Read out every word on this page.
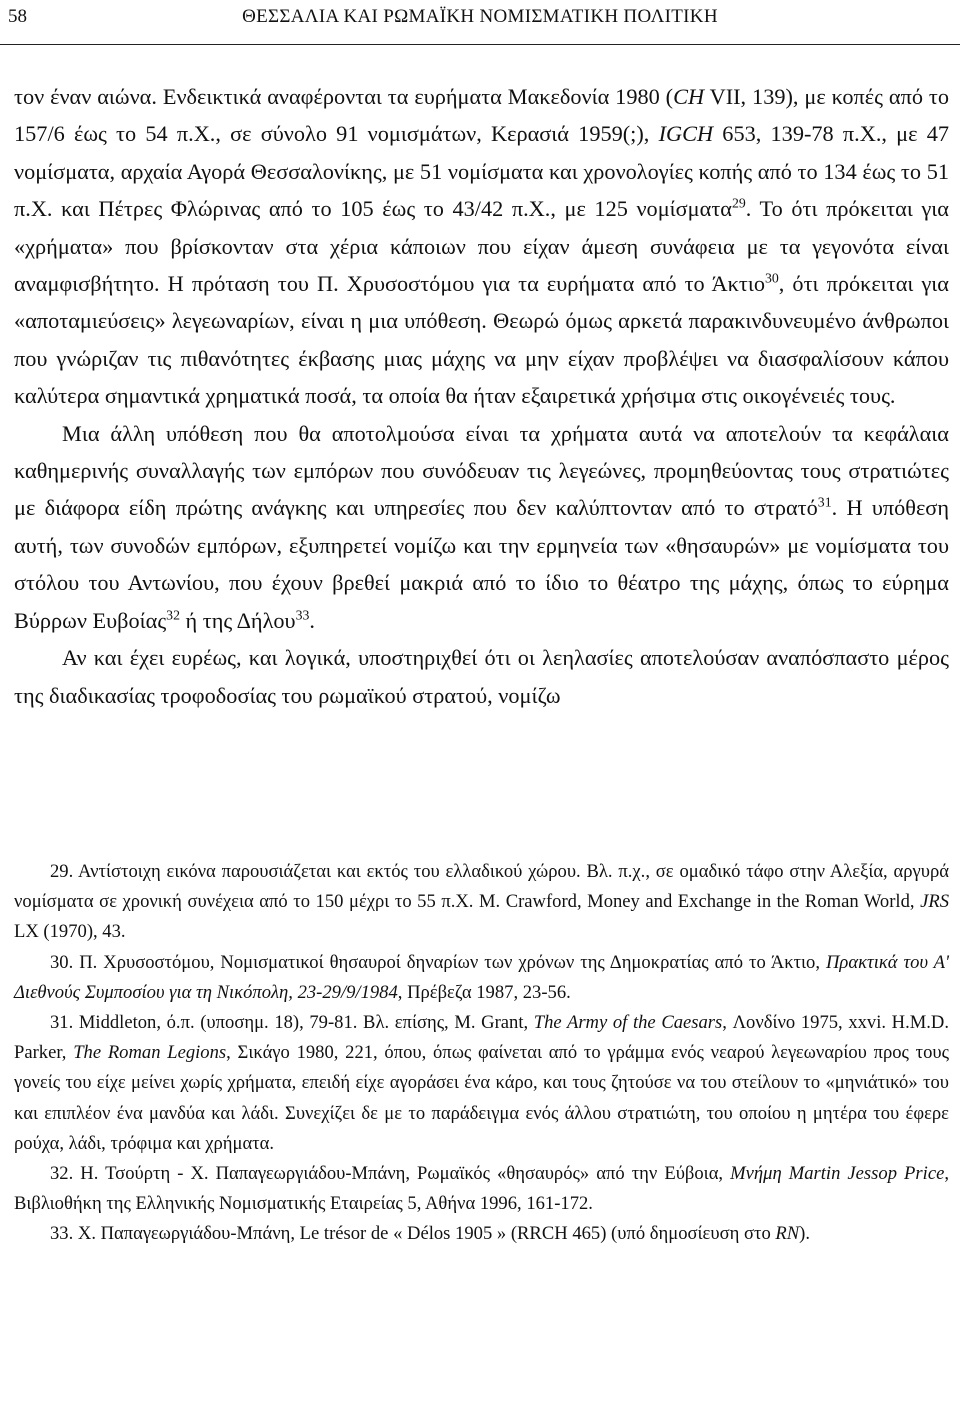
58	ΘΕΣΣΑΛΙΑ ΚΑΙ ΡΩΜΑΪΚΗ ΝΟΜΙΣΜΑΤΙΚΗ ΠΟΛΙΤΙΚΗ

τον έναν αιώνα. Ενδεικτικά αναφέρονται τα ευρήματα Μακεδονία 1980 (CH VII, 139), με κοπές από το 157/6 έως το 54 π.Χ., σε σύνολο 91 νομισμάτων, Κερασιά 1959(;), IGCH 653, 139-78 π.Χ., με 47 νομίσματα, αρχαία Αγορά Θεσσαλονίκης, με 51 νομίσματα και χρονολογίες κοπής από το 134 έως το 51 π.Χ. και Πέτρες Φλώρινας από το 105 έως το 43/42 π.Χ., με 125 νομίσματα$^{29}$. Το ότι πρόκειται για «χρήματα» που βρίσκονταν στα χέρια κάποιων που είχαν άμεση συνάφεια με τα γεγονότα είναι αναμφισβήτητο. Η πρόταση του Π. Χρυσοστόμου για τα ευρήματα από το Άκτιο$^{30}$, ότι πρόκειται για «αποταμιεύσεις» λεγεωναρίων, είναι η μια υπόθεση. Θεωρώ όμως αρκετά παρακινδυνευμένο άνθρωποι που γνώριζαν τις πιθανότητες έκβασης μιας μάχης να μην είχαν προβλέψει να διασφαλίσουν κάπου καλύτερα σημαντικά χρηματικά ποσά, τα οποία θα ήταν εξαιρετικά χρήσιμα στις οικογένειές τους.

Μια άλλη υπόθεση που θα αποτολμούσα είναι τα χρήματα αυτά να αποτελούν τα κεφάλαια καθημερινής συναλλαγής των εμπόρων που συνόδευαν τις λεγεώνες, προμηθεύοντας τους στρατιώτες με διάφορα είδη πρώτης ανάγκης και υπηρεσίες που δεν καλύπτονταν από το στρατό$^{31}$. Η υπόθεση αυτή, των συνοδών εμπόρων, εξυπηρετεί νομίζω και την ερμηνεία των «θησαυρών» με νομίσματα του στόλου του Αντωνίου, που έχουν βρεθεί μακριά από το ίδιο το θέατρο της μάχης, όπως το εύρημα Βύρρων Ευβοίας$^{32}$ ή της Δήλου$^{33}$.

Αν και έχει ευρέως, και λογικά, υποστηριχθεί ότι οι λεηλασίες αποτελούσαν αναπόσπαστο μέρος της διαδικασίας τροφοδοσίας του ρωμαϊκού στρατού, νομίζω

29. Αντίστοιχη εικόνα παρουσιάζεται και εκτός του ελλαδικού χώρου. Βλ. π.χ., σε ομαδικό τάφο στην Αλεξία, αργυρά νομίσματα σε χρονική συνέχεια από το 150 μέχρι το 55 π.Χ. M. Crawford, Money and Exchange in the Roman World, JRS LX (1970), 43.

30. Π. Χρυσοστόμου, Νομισματικοί θησαυροί δηναρίων των χρόνων της Δημοκρατίας από το Άκτιο, Πρακτικά του Α' Διεθνούς Συμποσίου για τη Νικόπολη, 23-29/9/1984, Πρέβεζα 1987, 23-56.

31. Middleton, ό.π. (υποσημ. 18), 79-81. Βλ. επίσης, M. Grant, The Army of the Caesars, Λονδίνο 1975, xxvi. H.M.D. Parker, The Roman Legions, Σικάγο 1980, 221, όπου, όπως φαίνεται από το γράμμα ενός νεαρού λεγεωναρίου προς τους γονείς του είχε μείνει χωρίς χρήματα, επειδή είχε αγοράσει ένα κάρο, και τους ζητούσε να του στείλουν το «μηνιάτικό» του και επιπλέον ένα μανδύα και λάδι. Συνεχίζει δε με το παράδειγμα ενός άλλου στρατιώτη, του οποίου η μητέρα του έφερε ρούχα, λάδι, τρόφιμα και χρήματα.

32. Η. Τσούρτη - Χ. Παπαγεωργιάδου-Μπάνη, Ρωμαϊκός «θησαυρός» από την Εύβοια, Μνήμη Martin Jessop Price, Βιβλιοθήκη της Ελληνικής Νομισματικής Εταιρείας 5, Αθήνα 1996, 161-172.

33. Χ. Παπαγεωργιάδου-Μπάνη, Le trésor de « Délos 1905 » (RRCH 465) (υπό δημοσίευση στο RN).
